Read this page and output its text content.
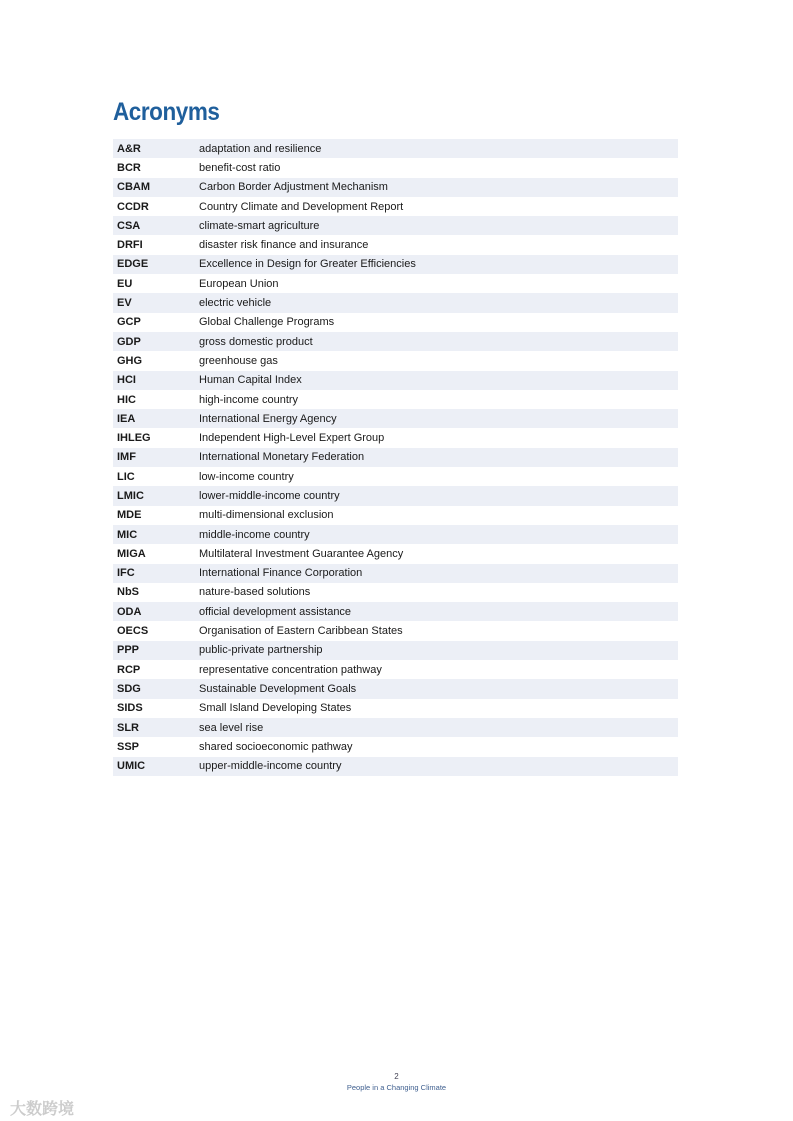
Acronyms
A&R	adaptation and resilience
BCR	benefit-cost ratio
CBAM	Carbon Border Adjustment Mechanism
CCDR	Country Climate and Development Report
CSA	climate-smart agriculture
DRFI	disaster risk finance and insurance
EDGE	Excellence in Design for Greater Efficiencies
EU	European Union
EV	electric vehicle
GCP	Global Challenge Programs
GDP	gross domestic product
GHG	greenhouse gas
HCI	Human Capital Index
HIC	high-income country
IEA	International Energy Agency
IHLEG	Independent High-Level Expert Group
IMF	International Monetary Federation
LIC	low-income country
LMIC	lower-middle-income country
MDE	multi-dimensional exclusion
MIC	middle-income country
MIGA	Multilateral Investment Guarantee Agency
IFC	International Finance Corporation
NbS	nature-based solutions
ODA	official development assistance
OECS	Organisation of Eastern Caribbean States
PPP	public-private partnership
RCP	representative concentration pathway
SDG	Sustainable Development Goals
SIDS	Small Island Developing States
SLR	sea level rise
SSP	shared socioeconomic pathway
UMIC	upper-middle-income country
2
People in a Changing Climate
大数跨境
